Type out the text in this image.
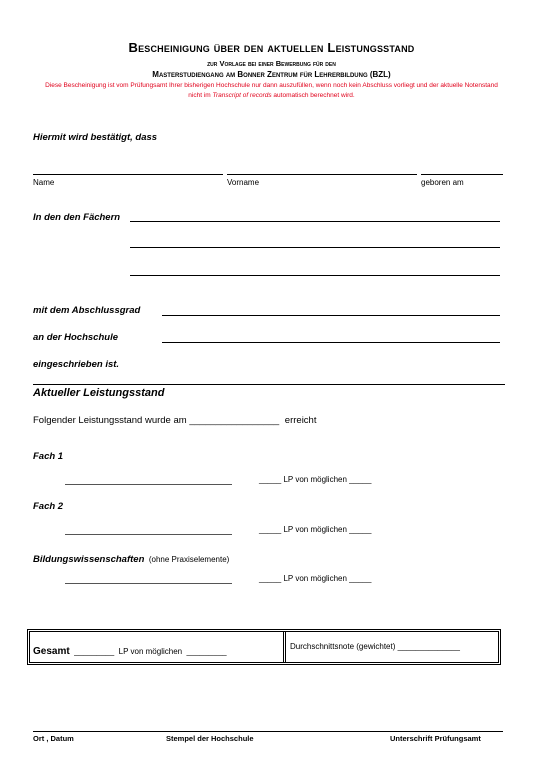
Bescheinigung über den aktuellen Leistungsstand
zur Vorlage bei einer Bewerbung für den
Masterstudiengang am Bonner Zentrum für Lehrerbildung (BZL)
Diese Bescheinigung ist vom Prüfungsamt Ihrer bisherigen Hochschule nur dann auszufüllen, wenn noch kein Abschluss vorliegt und der aktuelle Notenstand
nicht im Transcript of records automatisch berechnet wird.
Hiermit wird bestätigt, dass
Name	Vorname	geboren am
In den den Fächern
mit dem Abschlussgrad
an der Hochschule
eingeschrieben ist.
Aktueller Leistungsstand
Folgender Leistungsstand wurde am _________________ erreicht
Fach 1
_____ LP von möglichen _____
Fach 2
_____ LP von möglichen _____
Bildungswissenschaften (ohne Praxiselemente)
_____ LP von möglichen _____
Gesamt _________ LP von möglichen _________
Durchschnittsnote (gewichtet) ______________
Ort , Datum	Stempel der Hochschule	Unterschrift Prüfungsamt
